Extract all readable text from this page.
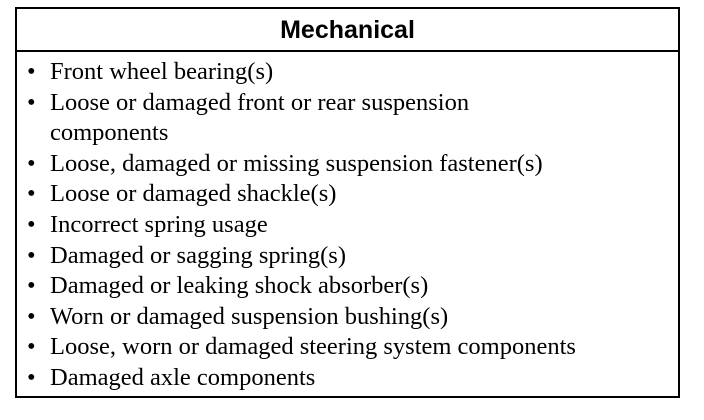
Mechanical
• Front wheel bearing(s)
• Loose or damaged front or rear suspension
components
• Loose, damaged or missing suspension fastener(s)
• Loose or damaged shackle(s)
• Incorrect spring usage
• Damaged or sagging spring(s)
• Damaged or leaking shock absorber(s)
• Worn or damaged suspension bushing(s)
• Loose, worn or damaged steering system components
• Damaged axle components
